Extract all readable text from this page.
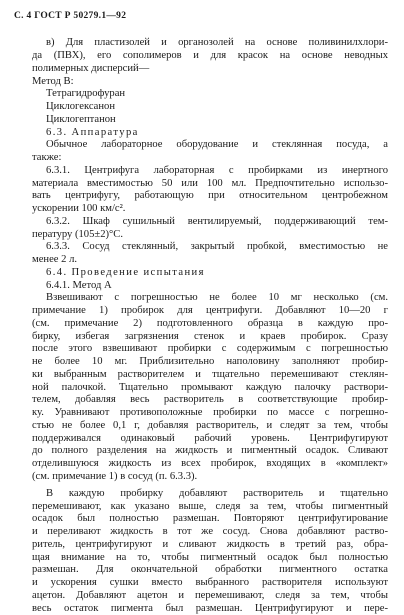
С. 4 ГОСТ Р 50279.1—92
в) Для пластизолей и органозолей на основе поливинилхлори-
да (ПВХ), его сополимеров и для красок на основе неводных
полимерных дисперсий—
Метод В:
Тетрагидрофуран
Циклогексанон
Циклогептанон
6.3. Аппаратура
Обычное лабораторное оборудование и стеклянная посуда, а
также:
6.3.1. Центрифуга лабораторная с пробирками из инертного
материала вместимостью 50 или 100 мл. Предпочтительно использо-
вать центрифугу, работающую при относительном центробежном
ускорении 100 км/с².
6.3.2. Шкаф сушильный вентилируемый, поддерживающий тем-
пературу (105±2)°С.
6.3.3. Сосуд стеклянный, закрытый пробкой, вместимостью не
менее 2 л.
6.4. Проведение испытания
6.4.1. Метод А
Взвешивают с погрешностью не более 10 мг несколько (см.
примечание 1) пробирок для центрифуги. Добавляют 10—20 г
(см. примечание 2) подготовленного образца в каждую про-
бирку, избегая загрязнения стенок и краев пробирок. Сразу
после этого взвешивают пробирки с содержимым с погрешностью
не более 10 мг. Приблизительно наполовину заполняют пробир-
ки выбранным растворителем и тщательно перемешивают стеклян-
ной палочкой. Тщательно промывают каждую палочку раствори-
телем, добавляя весь растворитель в соответствующие пробир-
ку. Уравнивают противоположные пробирки по массе с погрешно-
стью не более 0,1 г, добавляя растворитель, и следят за тем, чтобы
поддерживался одинаковый рабочий уровень. Центрифугируют
до полного разделения на жидкость и пигментный осадок. Сливают
отделившуюся жидкость из всех пробирок, входящих в «комплект»
(см. примечание 1) в сосуд (п. 6.3.3).
В каждую пробирку добавляют растворитель и тщательно
перемешивают, как указано выше, следя за тем, чтобы пигментный
осадок был полностью размешан. Повторяют центрифугирование
и переливают жидкость в тот же сосуд. Снова добавляют раство-
ритель, центрифугируют и сливают жидкость в третий раз, обра-
щая внимание на то, чтобы пигментный осадок был полностью
размешан. Для окончательной обработки пигментного остатка
и ускорения сушки вместо выбранного растворителя используют
ацетон. Добавляют ацетон и перемешивают, следя за тем, чтобы
весь остаток пигмента был размешан. Центрифугируют и пере-
